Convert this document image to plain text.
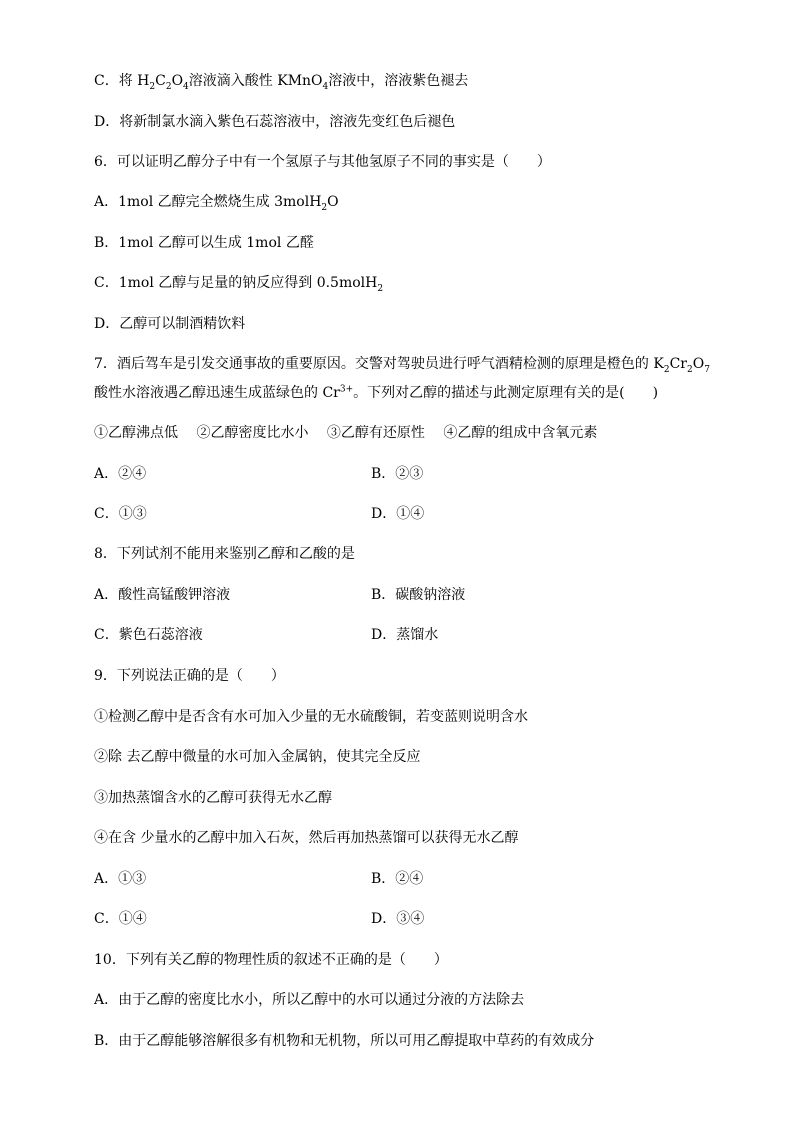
C．将 $H_2C_2O_4$溶液滴入酸性 KMnO$_4$溶液中，溶液紫色褪去
D．将新制氯水滴入紫色石蕊溶液中，溶液先变红色后褪色
6．可以证明乙醇分子中有一个氢原子与其他氢原子不同的事实是（　　）
A．1mol 乙醇完全燃烧生成 3molH$_2$O
B．1mol 乙醇可以生成 1mol 乙醛
C．1mol 乙醇与足量的钠反应得到 0.5molH$_2$
D．乙醇可以制酒精饮料
7．酒后驾车是引发交通事故的重要原因。交警对驾驶员进行呼气酒精检测的原理是橙色的 $K_2Cr_2O_7$
酸性水溶液遇乙醇迅速生成蓝绿色的 $Cr^{3+}$。下列对乙醇的描述与此测定原理有关的是(　　)
①乙醇沸点低　 ②乙醇密度比水小　 ③乙醇有还原性　 ④乙醇的组成中含氧元素
A．②④	B．②③
C．①③	D．①④
8．下列试剂不能用来鉴别乙醇和乙酸的是
A．酸性高锰酸钾溶液	B．碳酸钠溶液
C．紫色石蕊溶液	D．蒸馏水
9．下列说法正确的是（　　）
①检测乙醇中是否含有水可加入少量的无水硫酸铜，若变蓝则说明含水
②除 去乙醇中微量的水可加入金属钠，使其完全反应
③加热蒸馏含水的乙醇可获得无水乙醇
④在含 少量水的乙醇中加入石灰，然后再加热蒸馏可以获得无水乙醇
A．①③	B．②④
C．①④	D．③④
10．下列有关乙醇的物理性质的叙述不正确的是（　　）
A．由于乙醇的密度比水小，所以乙醇中的水可以通过分液的方法除去
B．由于乙醇能够溶解很多有机物和无机物，所以可用乙醇提取中草药的有效成分
